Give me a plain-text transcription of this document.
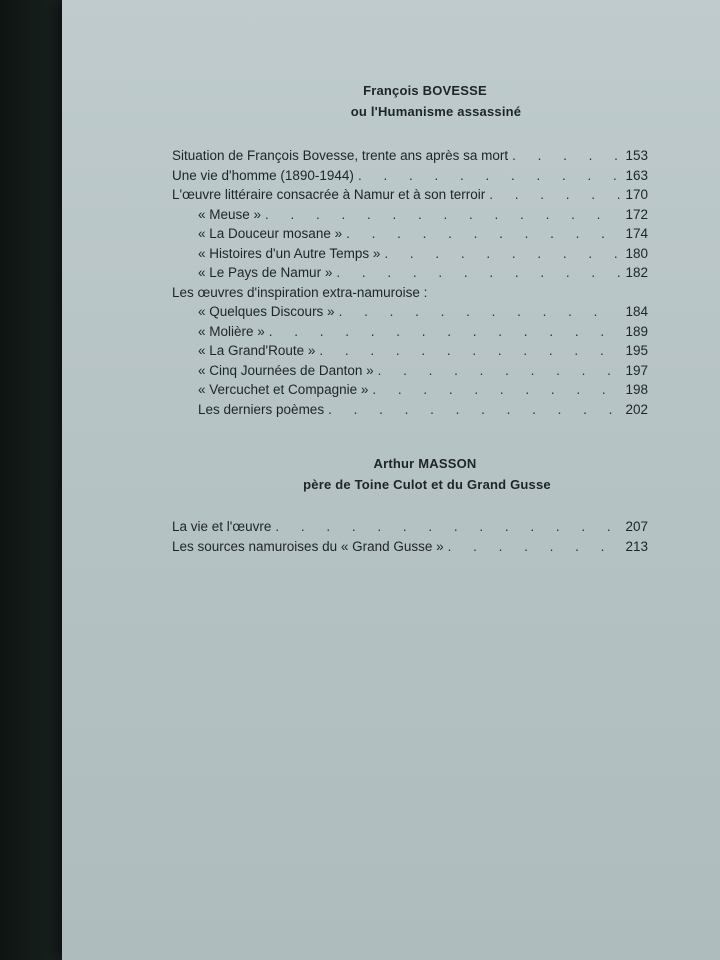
François BOVESSE
ou l'Humanisme assassiné
Situation de François Bovesse, trente ans après sa mort . . .	153
Une vie d'homme (1890-1944) . . .	163
L'œuvre littéraire consacrée à Namur et à son terroir . . .	170
« Meuse » . . .	172
« La Douceur mosane » . . .	174
« Histoires d'un Autre Temps » . . .	180
« Le Pays de Namur » . . .	182
Les œuvres d'inspiration extra-namuroise :
« Quelques Discours » . . .	184
« Molière » . . .	189
« La Grand'Route » . . .	195
« Cinq Journées de Danton » . . .	197
« Vercuchet et Compagnie » . . .	198
Les derniers poèmes . . .	202
Arthur MASSON
père de Toine Culot et du Grand Gusse
La vie et l'œuvre . . .	207
Les sources namuroises du « Grand Gusse » . . .	213
